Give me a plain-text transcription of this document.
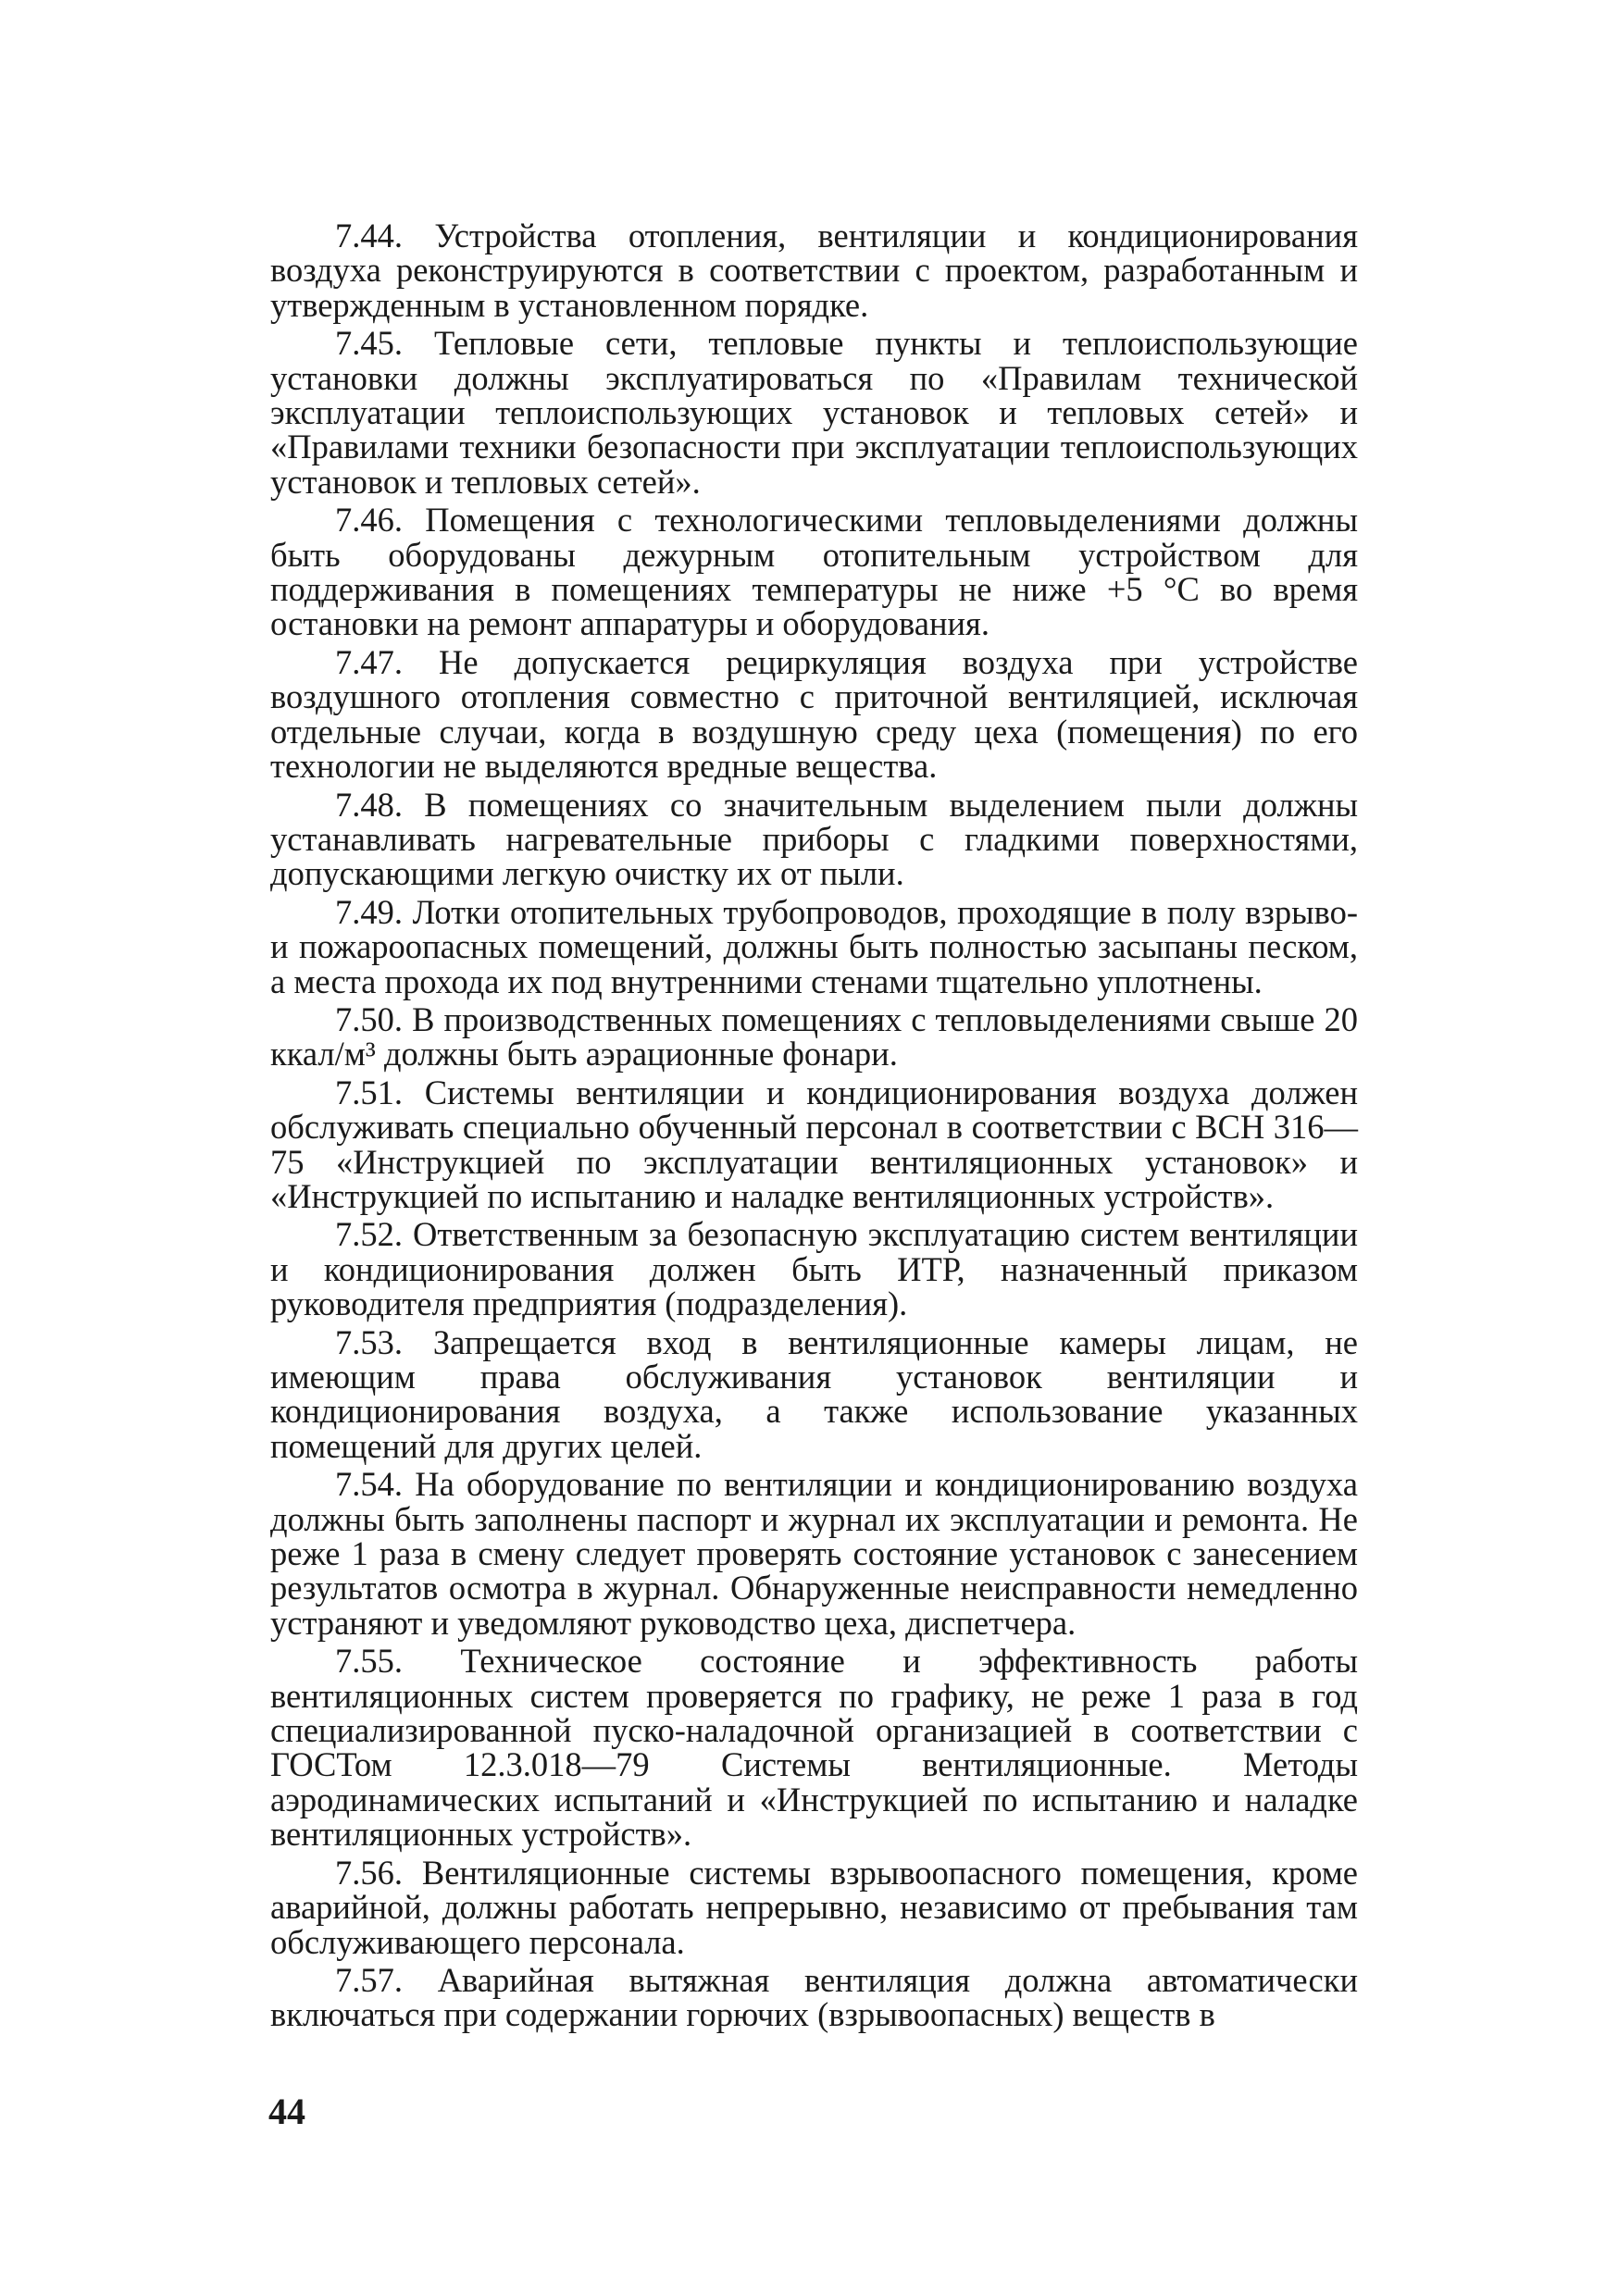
7.44. Устройства отопления, вентиляции и кондиционирования воздуха реконструируются в соответствии с проектом, разработанным и утвержденным в установленном порядке.

7.45. Тепловые сети, тепловые пункты и теплоиспользующие установки должны эксплуатироваться по «Правилам технической эксплуатации теплоиспользующих установок и тепловых сетей» и «Правилами техники безопасности при эксплуатации теплоиспользующих установок и тепловых сетей».

7.46. Помещения с технологическими тепловыделениями должны быть оборудованы дежурным отопительным устройством для поддерживания в помещениях температуры не ниже +5 °С во время остановки на ремонт аппаратуры и оборудования.

7.47. Не допускается рециркуляция воздуха при устройстве воздушного отопления совместно с приточной вентиляцией, исключая отдельные случаи, когда в воздушную среду цеха (помещения) по его технологии не выделяются вредные вещества.

7.48. В помещениях со значительным выделением пыли должны устанавливать нагревательные приборы с гладкими поверхностями, допускающими легкую очистку их от пыли.

7.49. Лотки отопительных трубопроводов, проходящие в полу взрыво- и пожароопасных помещений, должны быть полностью засыпаны песком, а места прохода их под внутренними стенами тщательно уплотнены.

7.50. В производственных помещениях с тепловыделениями свыше 20 ккал/м³ должны быть аэрационные фонари.

7.51. Системы вентиляции и кондиционирования воздуха должен обслуживать специально обученный персонал в соответствии с ВСН 316—75 «Инструкцией по эксплуатации вентиляционных установок» и «Инструкцией по испытанию и наладке вентиляционных устройств».

7.52. Ответственным за безопасную эксплуатацию систем вентиляции и кондиционирования должен быть ИТР, назначенный приказом руководителя предприятия (подразделения).

7.53. Запрещается вход в вентиляционные камеры лицам, не имеющим права обслуживания установок вентиляции и кондиционирования воздуха, а также использование указанных помещений для других целей.

7.54. На оборудование по вентиляции и кондиционированию воздуха должны быть заполнены паспорт и журнал их эксплуатации и ремонта. Не реже 1 раза в смену следует проверять состояние установок с занесением результатов осмотра в журнал. Обнаруженные неисправности немедленно устраняют и уведомляют руководство цеха, диспетчера.

7.55. Техническое состояние и эффективность работы вентиляционных систем проверяется по графику, не реже 1 раза в год специализированной пуско-наладочной организацией в соответствии с ГОСТом 12.3.018—79 Системы вентиляционные. Методы аэродинамических испытаний и «Инструкцией по испытанию и наладке вентиляционных устройств».

7.56. Вентиляционные системы взрывоопасного помещения, кроме аварийной, должны работать непрерывно, независимо от пребывания там обслуживающего персонала.

7.57. Аварийная вытяжная вентиляция должна автоматически включаться при содержании горючих (взрывоопасных) веществ в

44
